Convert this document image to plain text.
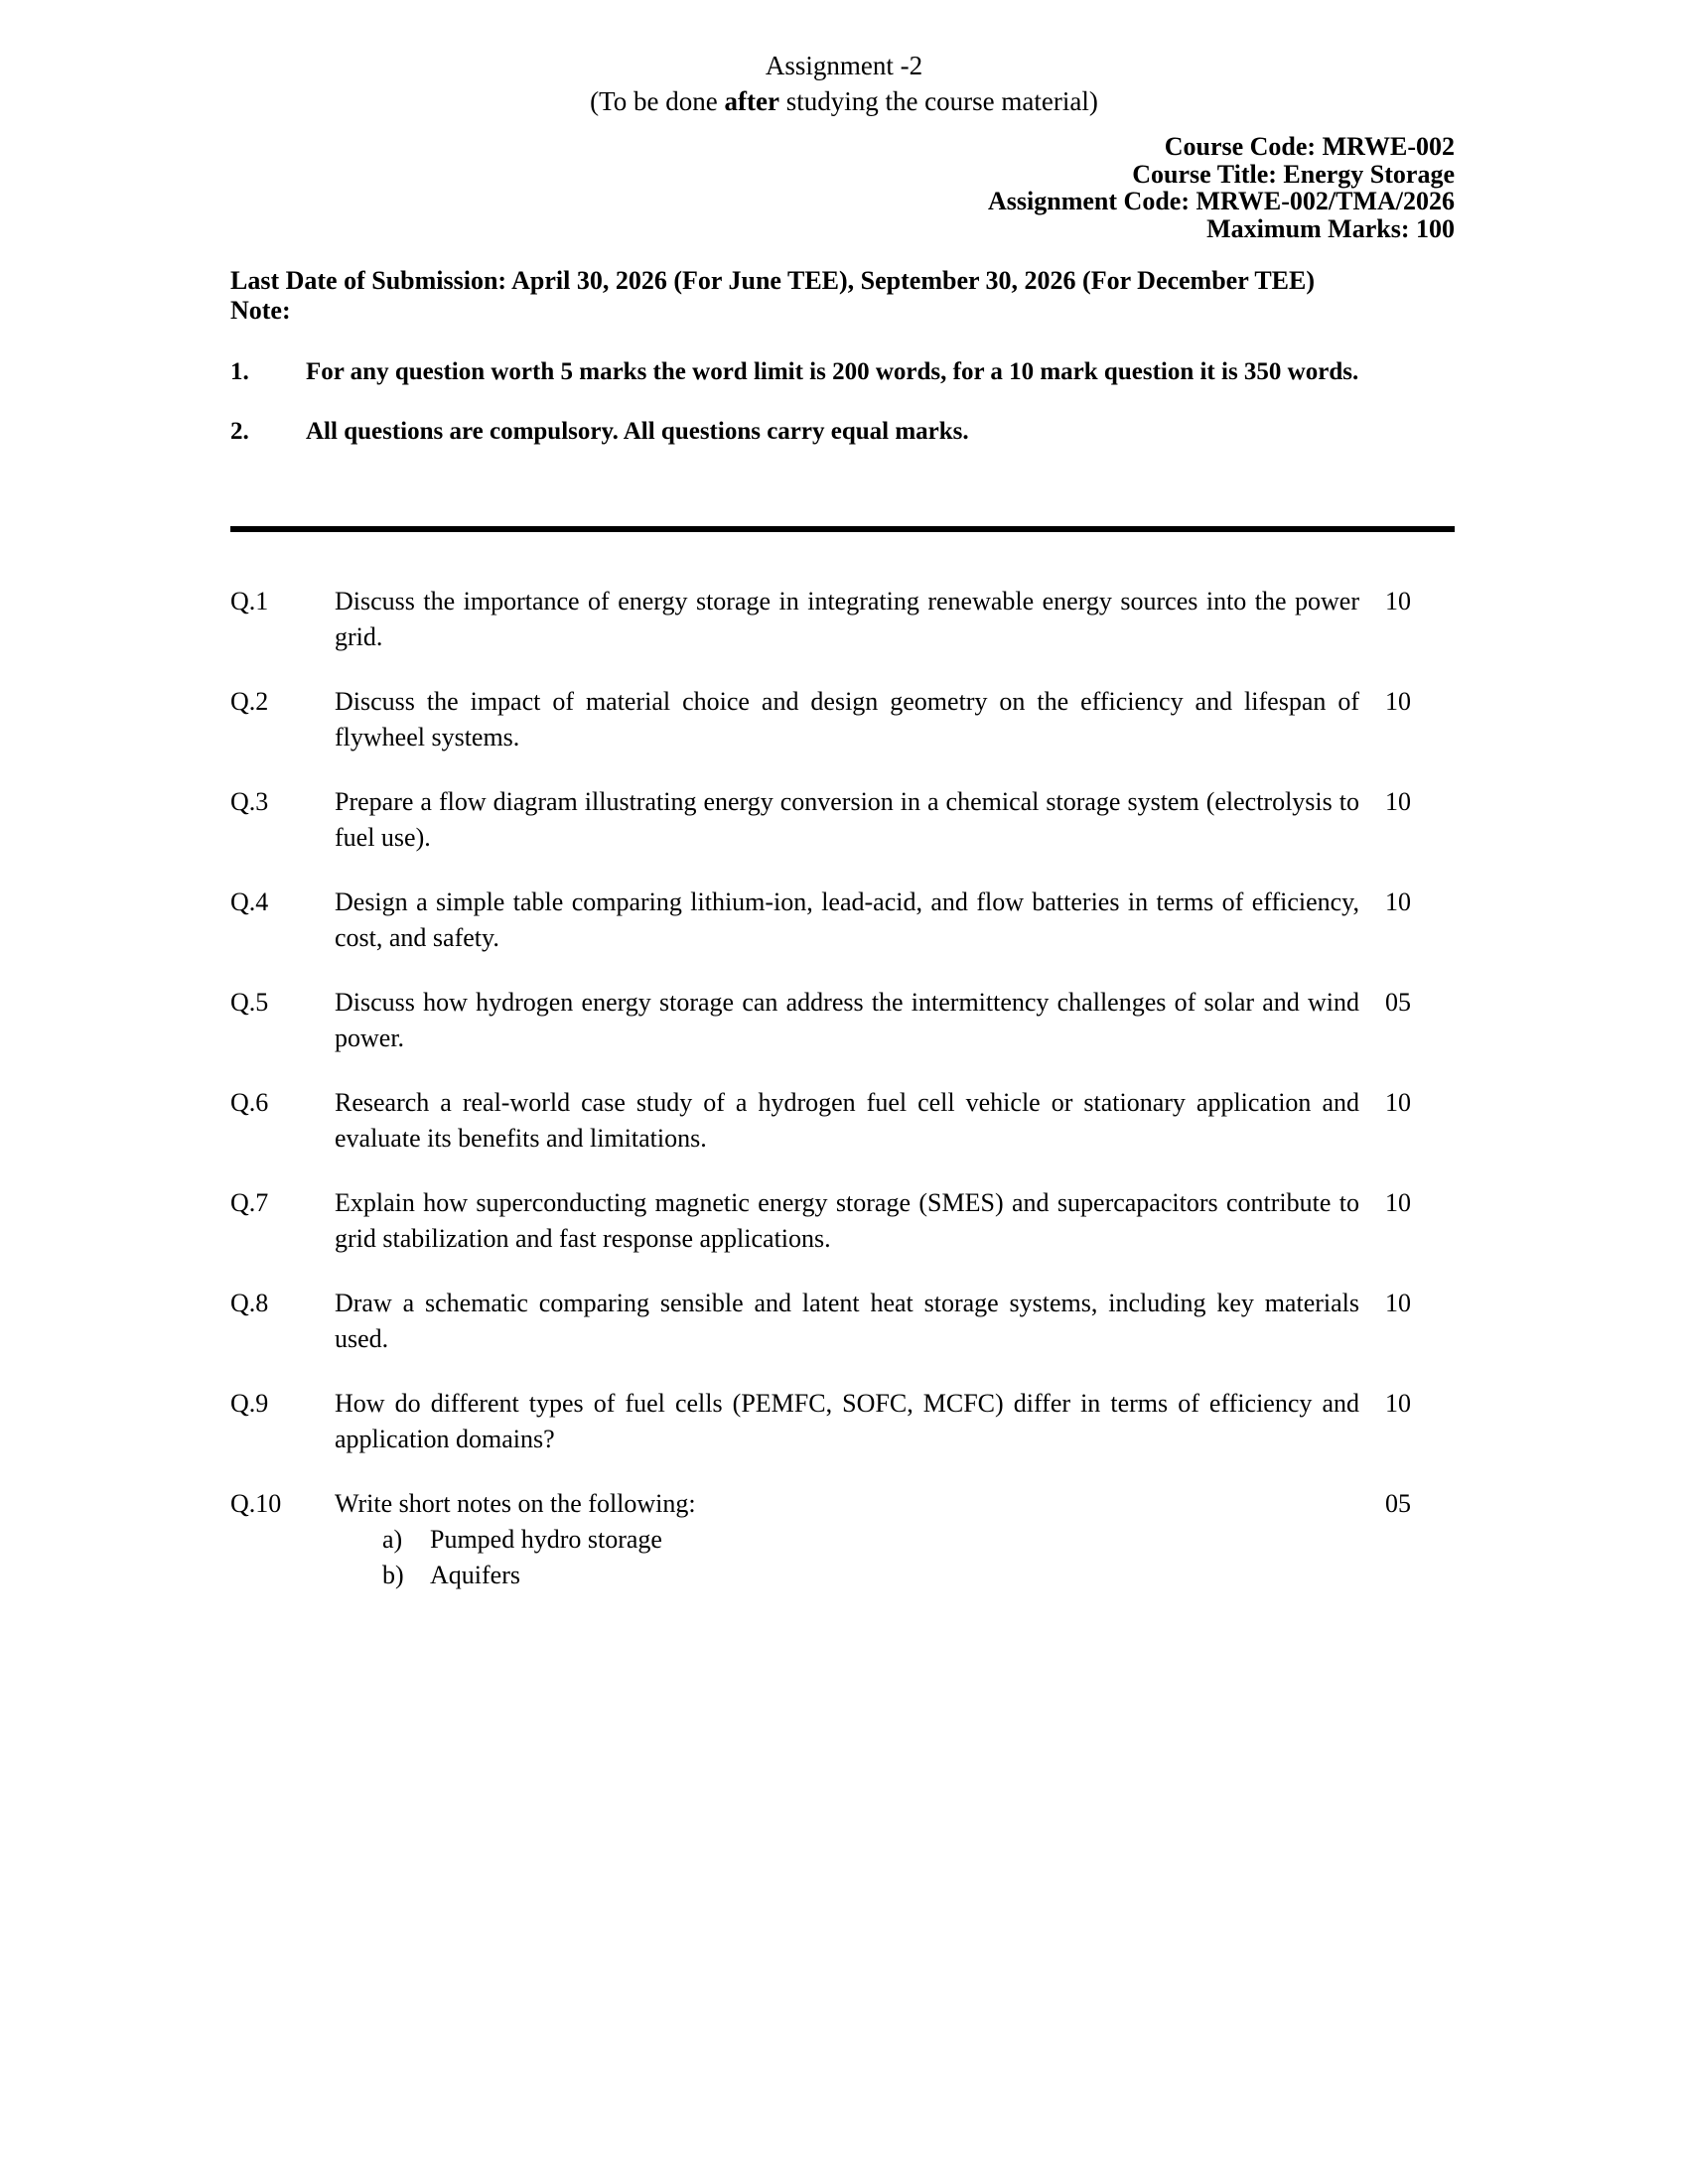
Assignment -2
(To be done after studying the course material)
Course Code: MRWE-002
Course Title: Energy Storage
Assignment Code: MRWE-002/TMA/2026
Maximum Marks: 100
Last Date of Submission: April 30, 2026 (For June TEE), September 30, 2026 (For December TEE)
Note:
1.	For any question worth 5 marks the word limit is 200 words, for a 10 mark question it is 350 words.
2.	All questions are compulsory. All questions carry equal marks.
Q.1	Discuss the importance of energy storage in integrating renewable energy sources into the power grid.
10
Q.2	Discuss the impact of material choice and design geometry on the efficiency and lifespan of flywheel systems.
10
Q.3	Prepare a flow diagram illustrating energy conversion in a chemical storage system (electrolysis to fuel use).
10
Q.4	Design a simple table comparing lithium-ion, lead-acid, and flow batteries in terms of efficiency, cost, and safety.
10
Q.5	Discuss how hydrogen energy storage can address the intermittency challenges of solar and wind power.
05
Q.6	Research a real-world case study of a hydrogen fuel cell vehicle or stationary application and evaluate its benefits and limitations.
10
Q.7	Explain how superconducting magnetic energy storage (SMES) and supercapacitors contribute to grid stabilization and fast response applications.
10
Q.8	Draw a schematic comparing sensible and latent heat storage systems, including key materials used.
10
Q.9	How do different types of fuel cells (PEMFC, SOFC, MCFC) differ in terms of efficiency and application domains?
10
Q.10	Write short notes on the following:
a)	Pumped hydro storage
b)	Aquifers
05
